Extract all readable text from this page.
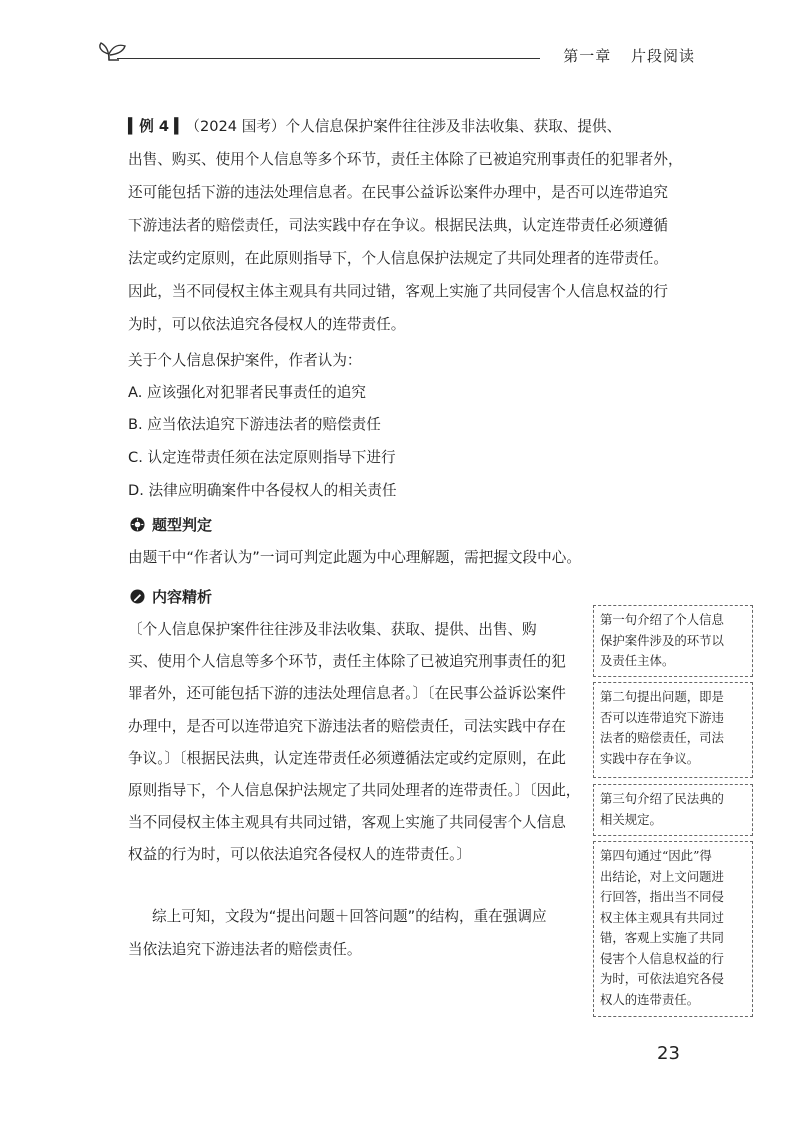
第一章 片段阅读
▍例 4 ▍（2024 国考）个人信息保护案件往往涉及非法收集、获取、提供、
出售、购买、使用个人信息等多个环节，责任主体除了已被追究刑事责任的犯罪者外，
还可能包括下游的违法处理信息者。在民事公益诉讼案件办理中，是否可以连带追究
下游违法者的赔偿责任，司法实践中存在争议。根据民法典，认定连带责任必须遵循
法定或约定原则，在此原则指导下，个人信息保护法规定了共同处理者的连带责任。
因此，当不同侵权主体主观具有共同过错，客观上实施了共同侵害个人信息权益的行
为时，可以依法追究各侵权人的连带责任。
关于个人信息保护案件，作者认为：
A. 应该强化对犯罪者民事责任的追究
B. 应当依法追究下游违法者的赔偿责任
C. 认定连带责任须在法定原则指导下进行
D. 法律应明确案件中各侵权人的相关责任
题型判定
由题干中“作者认为”一词可判定此题为中心理解题，需把握文段中心。
内容精析
〔个人信息保护案件往往涉及非法收集、获取、提供、出售、购
买、使用个人信息等多个环节，责任主体除了已被追究刑事责任的犯
罪者外，还可能包括下游的违法处理信息者。〕〔在民事公益诉讼案件
办理中，是否可以连带追究下游违法者的赔偿责任，司法实践中存在
争议。〕〔根据民法典，认定连带责任必须遵循法定或约定原则，在此
原则指导下，个人信息保护法规定了共同处理者的连带责任。〕〔因此，
当不同侵权主体主观具有共同过错，客观上实施了共同侵害个人信息
权益的行为时，可以依法追究各侵权人的连带责任。〕
综上可知，文段为“提出问题＋回答问题”的结构，重在强调应
当依法追究下游违法者的赔偿责任。
第一句介绍了个人信息
保护案件涉及的环节以
及责任主体。
第二句提出问题，即是
否可以连带追究下游违
法者的赔偿责任，司法
实践中存在争议。
第三句介绍了民法典的
相关规定。
第四句通过“因此”得
出结论，对上文问题进
行回答，指出当不同侵
权主体主观具有共同过
错，客观上实施了共同
侵害个人信息权益的行
为时，可依法追究各侵
权人的连带责任。
23
